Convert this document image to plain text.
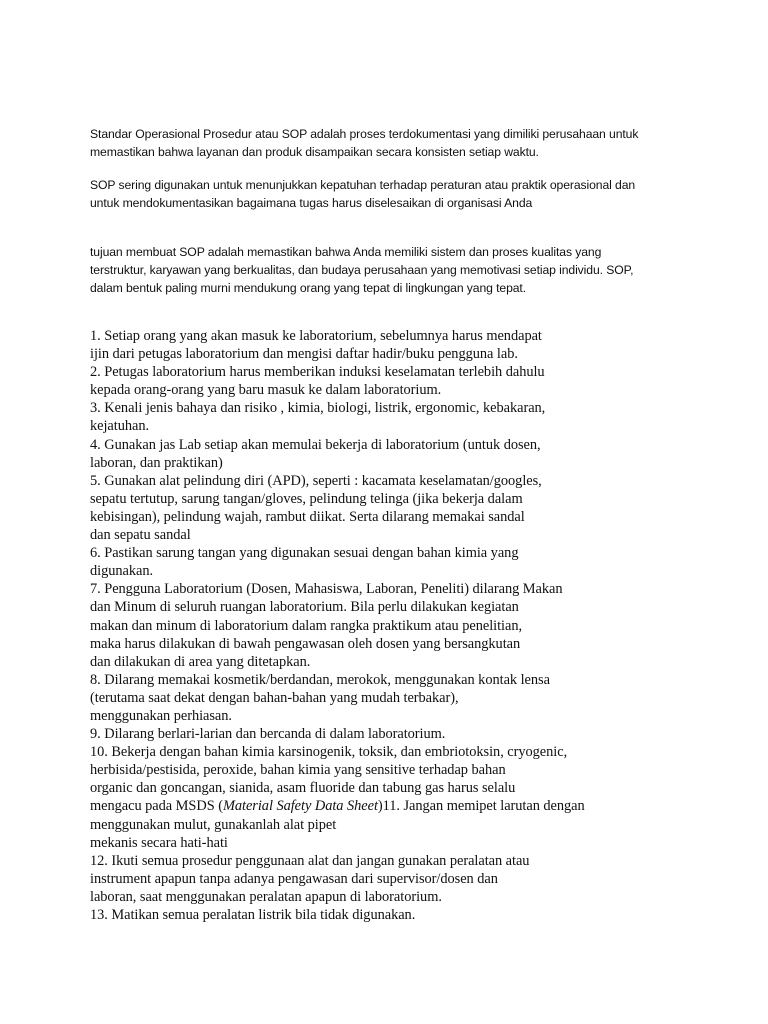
Standar Operasional Prosedur atau SOP adalah proses terdokumentasi yang dimiliki perusahaan untuk
memastikan bahwa layanan dan produk disampaikan secara konsisten setiap waktu.
SOP sering digunakan untuk menunjukkan kepatuhan terhadap peraturan atau praktik operasional dan
untuk mendokumentasikan bagaimana tugas harus diselesaikan di organisasi Anda
tujuan membuat SOP adalah memastikan bahwa Anda memiliki sistem dan proses kualitas yang
terstruktur, karyawan yang berkualitas, dan budaya perusahaan yang memotivasi setiap individu. SOP,
dalam bentuk paling murni mendukung orang yang tepat di lingkungan yang tepat.
1. Setiap orang yang akan masuk ke laboratorium, sebelumnya harus mendapat
ijin dari petugas laboratorium dan mengisi daftar hadir/buku pengguna lab.
2. Petugas laboratorium harus memberikan induksi keselamatan terlebih dahulu
kepada orang-orang yang baru masuk ke dalam laboratorium.
3. Kenali jenis bahaya dan risiko , kimia, biologi, listrik, ergonomic, kebakaran,
kejatuhan.
4. Gunakan jas Lab setiap akan memulai bekerja di laboratorium (untuk dosen,
laboran, dan praktikan)
5. Gunakan alat pelindung diri (APD), seperti : kacamata keselamatan/googles,
sepatu tertutup, sarung tangan/gloves, pelindung telinga (jika bekerja dalam
kebisingan), pelindung wajah, rambut diikat. Serta dilarang memakai sandal
dan sepatu sandal
6. Pastikan sarung tangan yang digunakan sesuai dengan bahan kimia yang
digunakan.
7. Pengguna Laboratorium (Dosen, Mahasiswa, Laboran, Peneliti) dilarang Makan
dan Minum di seluruh ruangan laboratorium. Bila perlu dilakukan kegiatan
makan dan minum di laboratorium dalam rangka praktikum atau penelitian,
maka harus dilakukan di bawah pengawasan oleh dosen yang bersangkutan
dan dilakukan di area yang ditetapkan.
8. Dilarang memakai kosmetik/berdandan, merokok, menggunakan kontak lensa
(terutama saat dekat dengan bahan-bahan yang mudah terbakar),
menggunakan perhiasan.
9. Dilarang berlari-larian dan bercanda di dalam laboratorium.
10. Bekerja dengan bahan kimia karsinogenik, toksik, dan embriotoksin, cryogenic,
herbisida/pestisida, peroxide, bahan kimia yang sensitive terhadap bahan
organic dan goncangan, sianida, asam fluoride dan tabung gas harus selalu
mengacu pada MSDS (Material Safety Data Sheet)11. Jangan memipet larutan dengan
menggunakan mulut, gunakanlah alat pipet
mekanis secara hati-hati
12. Ikuti semua prosedur penggunaan alat dan jangan gunakan peralatan atau
instrument apapun tanpa adanya pengawasan dari supervisor/dosen dan
laboran, saat menggunakan peralatan apapun di laboratorium.
13. Matikan semua peralatan listrik bila tidak digunakan.
